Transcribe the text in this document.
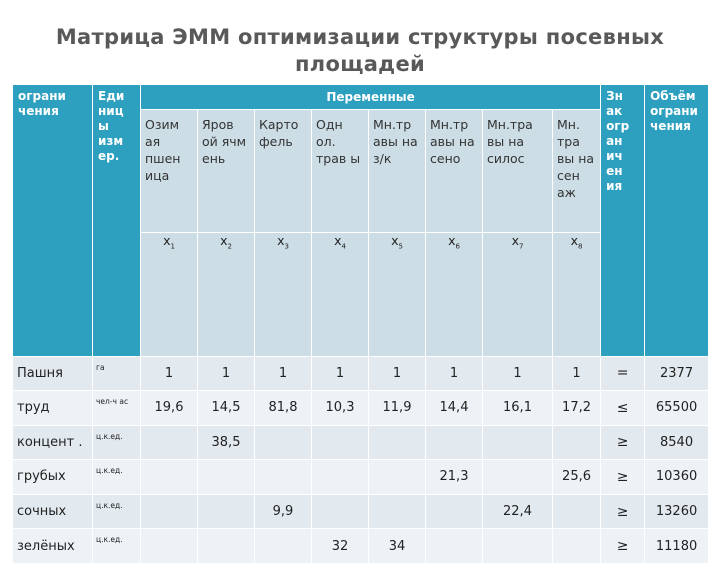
Матрица ЭММ оптимизации структуры посевных площадей
ограни чения	Еди ниц ы изм ер.	Переменные								Зн ак огр ан ич ен ия	Объём ограни чения
		Озим ая пшен ица	Яров ой ячм ень	Карто фель	Одн ол. трав ы	Мн.тр авы на з/к	Мн.тр авы на сено	Мн.тра вы на силос	Мн. тра вы на сен аж		
		$x_1$	$x_2$	$x_3$	$x_4$	$x_5$	$x_6$	$x_7$	$x_8$
Пашня	га	1	1	1	1	1	1	1	1	=	2377
труд	чел-ч ас	19,6	14,5	81,8	10,3	11,9	14,4	16,1	17,2	≤	65500
концент .	ц.к.ед.		38,5							≥	8540
грубых	ц.к.ед.						21,3		25,6	≥	10360
сочных	ц.к.ед.			9,9				22,4		≥	13260
зелёных	ц.к.ед.				32	34				≥	11180
